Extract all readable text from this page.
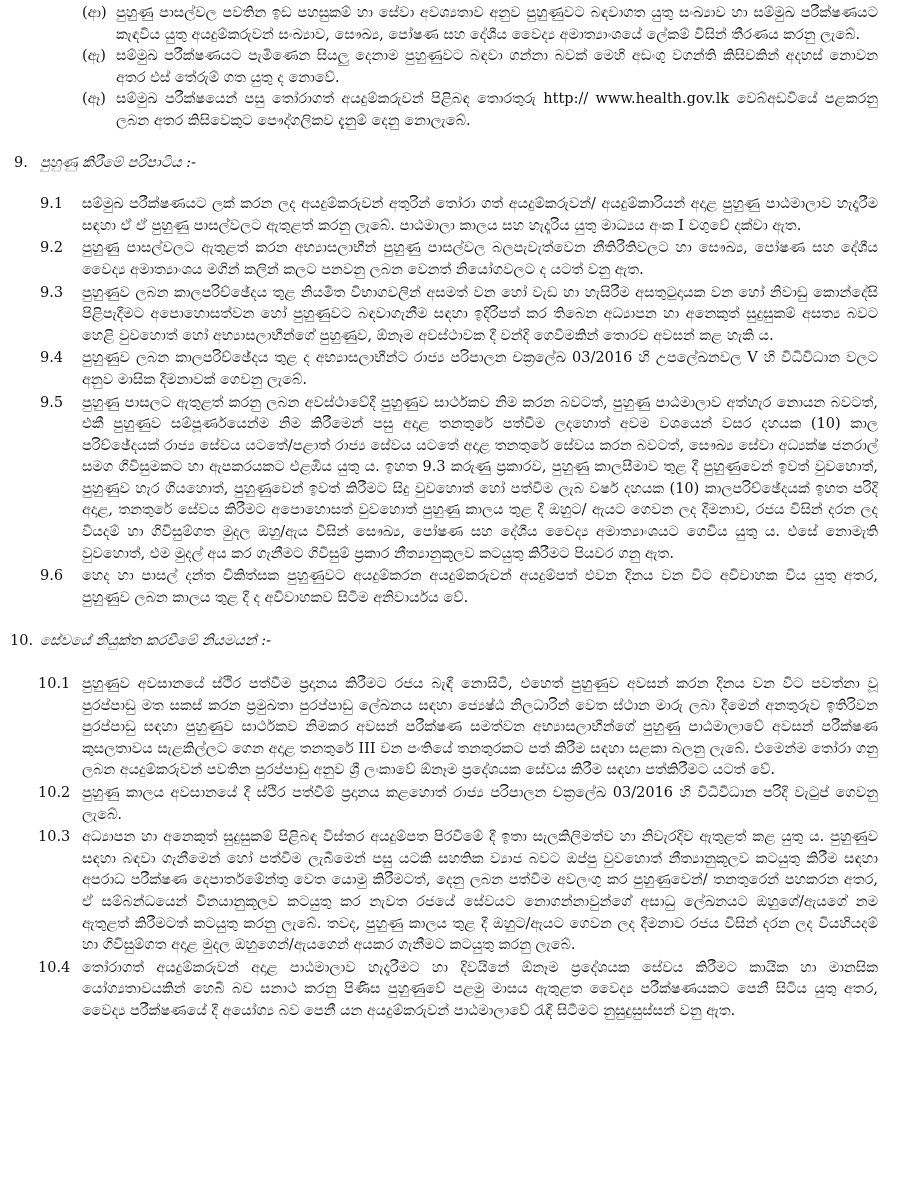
(ආ) පුහුණු පාසල්වල පවතින ඉඩ පහසුකම් හා සේවා අවශ්‍යතාව අනුව පුහුණුවට බඳවාගත යුතු සංඛ්‍යාව හා සම්මුඛ පරීක්ෂණයට කැඳවිය යුතු අයදුම්කරුවන් සංඛ්‍යාව, සෞඛ්‍ය, පෝෂණ සහ දේශීය වෛද්‍ය අමාත්‍යාංශයේ ලේකම් විසින් තීරණය කරනු ලැබේ.
(ඇ) සම්මුඛ පරීක්ෂණයට පැමිණෙන සියලු දෙනාම පුහුණුවට බඳවා ගන්නා බවක් මෙහි අඩංගු වගන්ති කිසිවකින් අදහස් නොවන අතර එස් තේරුම් ගත යුතු ද නොවේ.
(ඈ) සම්මුඛ පරීක්ෂයෙන් පසු තෝරාගත් අයදුම්කරුවන් පිළිබඳ තොරතුරු http:// www.health.gov.lk වෙබ්අඩවියේ පළකරනු ලබන අතර කිසිවෙකුට පෞද්ගලිකව දැනුම් දෙනු නොලැබේ.
9. පුහුණු කිරීමේ පරිපාටිය :-
9.1	සම්මුඛ පරීක්ෂණයට ලක් කරන ලද අයදුම්කරුවන් අතුරින් තෝරා ගත් අයදුම්කරුවන්/ අයදුම්කාරියන් අදාළ පුහුණු පාඨමාලාව හැදෑරීම සඳහා ඒ ඒ පුහුණු පාසල්වලට ඇතුළත් කරනු ලැබේ. පාඨමාලා කාලය සහ හැදෑරිය යුතු මාධ්‍යය අංක I වගුවේ දක්වා ඇත.
9.2	පුහුණු පාසල්වලට ඇතුළත් කරන අභ්‍යාසලාභීන් පුහුණු පාසල්වල බලපැවැත්වෙන නීතිරීතිවලට හා සෞඛ්‍ය, පෝෂණ සහ දේශීය වෛද්‍ය අමාත්‍යාංශය මගින් කලින් කලට පනවනු ලබන වෙනත් නියෝගවලට ද යටත් වනු ඇත.
9.3	පුහුණුව ලබන කාලපරිච්ඡේදය තුළ නියමිත විභාගවලින් අසමත් වන හෝ වැඩ හා හැසිරීම අසතුටුදායක වන හෝ නිවාඩු කොන්දේසි පිළිපැදීමට අපොහොසත්වන හෝ පුහුණුවට බඳවාගැනීම සඳහා ඉදිරිපත් කර තිබෙන අධ්‍යාපන හා අනෙකුත් සුදුසුකම් අසත්‍ය බවට හෙළි වුවහොත් හෝ අභ්‍යාසලාභීන්ගේ පුහුණුව, ඕනෑම අවස්ථාවක දී වන්දි ගෙවීමකින් තොරව අවසන් කළ හැකි ය.
9.4	පුහුණුව ලබන කාලපරිච්ඡේදය තුළ ද අභ්‍යාසලාභීන්ට රාජ්‍ය පරිපාලන චක්‍රලේඛ 03/2016 හි උපලේඛනවල V හි විධිවිධාන වලට අනුව මාසික දීමනාවක් ගෙවනු ලැබේ.
9.5	පුහුණු පාසලට ඇතුළත් කරනු ලබන අවස්ථාවේදී පුහුණුව සාර්ථකව නිම කරන බවටත්, පුහුණු පාඨමාලාව අත්හැර නොයන බවටත්, එකී පුහුණුව සම්පූර්ණයෙන්ම නිම කිරීමෙන් පසු අදාළ තනතුරේ පත්වීම ලදහොත් අවම වශයෙන් වසර දහයක (10) කාල පරිච්ඡේදයක් රාජ්‍ය සේවය යටතේ/පළාත් රාජ්‍ය සේවය යටතේ අදාළ තනතුරේ සේවය කරන බවටත්, සෞඛ්‍ය සේවා අධ්‍යක්ෂ ජනරාල් සමග ගිවිසුමකට හා ඇපකරයකට එළඹිය යුතු ය. ඉහත 9.3 කරුණු ප්‍රකාරව, පුහුණු කාලසීමාව තුළ දී පුහුණුවෙන් ඉවත් වුවහොත්, පුහුණුව හැර ගියහොත්, පුහුණුවෙන් ඉවත් කිරීමට සිදු වුවහොත් හෝ පත්වීම ලැබ වර්ෂ දහයක (10) කාලපරිච්ඡේදයක් ඉහත පරිදි අදාළ, තනතුරේ සේවය කිරීමට අපොහොසත් වුවහොත් පුහුණු කාලය තුළ දී ඔහුට/ ඇයට ගෙවන ලද දීමනාව, රජය විසින් දරන ලද වියදම් හා ගිවිසුම්ගත මුදල ඔහු/ඇය විසින් සෞඛ්‍ය, පෝෂණ සහ දේශීය වෛද්‍ය අමාත්‍යාංශයට ගෙවිය යුතු ය. එසේ නොමැති වුවහොත්, එම මුදල් අය කර ගැනීමට ගිවිසුම් ප්‍රකාර නීත්‍යානුකූලව කටයුතු කිරීමට පියවර ගනු ඇත.
9.6	හෙද හා පාසල් දන්ත චිකිත්සක පුහුණුවට අයදුම්කරන අයදුම්කරුවන් අයදුම්පත් එවන දිනය වන විට අවිවාහක විය යුතු අතර, පුහුණුව ලබන කාලය තුළ දී ද අවිවාහකව සිටීම අනිවාර්යය වේ.
10. සේවයේ නියුක්ත කරවීමේ නියමයන් :-
10.1 පුහුණුව අවසානයේ ස්ථිර පත්වීම ප්‍රදානය කිරීමට රජය බැඳී නොසිටී, එහෙත් පුහුණුව අවසන් කරන දිනය වන විට පවත්නා වූ පුරප්පාඩු මත සකස් කරන ප්‍රමුඛතා පුරප්පාඩු ලේඛනය සඳහා ජ්‍යෙෂ්ඨ නිලධාරින් වෙත ස්ථාන මාරු ලබා දීමෙන් අනතුරුව ඉතිරිවන පුරප්පාඩු සඳහා පුහුණුව සාර්ථකව නිමකර අවසන් පරීක්ෂණ සමත්වන අභ්‍යාසලාභීන්ගේ පුහුණු පාඨමාලාවේ අවසන් පරීක්ෂණ කුසලතාවය සැළකිල්ලට ගෙන අදාළ තනතුරේ III වන පංතියේ තනතුරකට පත් කිරීම සඳහා සළකා බලනු ලැබේ. එමෙන්ම තෝරා ගනු ලබන අයදුම්කරුවන් පවතින පුරප්පාඩු අනුව ශ්‍රී ලංකාවේ ඕනෑම ප්‍රදේශයක සේවය කිරීම සඳහා පත්කිරීමට යටත් වේ.
10.2 පුහුණු කාලය අවසානයේ දී ස්ථිර පත්වීම් ප්‍රදානය කළහොත් රාජ්‍ය පරිපාලන චක්‍රලේඛ 03/2016 හි විධිවිධාන පරිදි වැටුප් ගෙවනු ලැබේ.
10.3 අධ්‍යාපන හා අනෙකුත් සුදුසුකම් පිළිබඳ විස්තර අයදුම්පත පිරවීමේ දී ඉතා සැලකිලිමත්ව හා නිවැරදිව ඇතුළත් කළ යුතු ය. පුහුණුව සඳහා බඳවා ගැනීමෙන් හෝ පත්වීම ලැබීමෙන් පසු යටකි සහතික ව්‍යාජ බවට ඔප්පු වුවහොත් නීත්‍යානුකූලව කටයුතු කිරීම සඳහා අපරාධ පරීක්ෂණ දෙපාර්තමේන්තු වෙත යොමු කිරීමටත්, දෙනු ලබන පත්වීම අවලංගු කර පුහුණුවෙන්/ තනතුරෙන් පහකරන අතර, ඒ සම්බන්ධයෙන් විනයානුකූලව කටයුතු කර නැවත රජයේ සේවයට නොගන්නාවුන්ගේ අසාධු ලේඛනයට ඔහුගේ/ඇයගේ නම ඇතුළත් කිරීමටත් කටයුතු කරනු ලැබේ. තවද, පුහුණු කාලය තුළ දී ඔහුට/ඇයට ගෙවන ලද දීමනාව රජය විසින් දරන ලද වියහියදම් හා ගිවිසුම්ගත අදාළ මුදල ඔහුගෙන්/ඇයගෙන් අයකර ගැනීමට කටයුතු කරනු ලැබේ.
10.4 තෝරාගත් අයදුම්කරුවන් අදාළ පාඨමාලාව හැදෑරීමට හා දිවයිනේ ඕනෑම ප්‍රදේශයක සේවය කිරීමට කායික හා මානසික යෝග්‍යතාවයකින් හෙබි බව සනාථ කරනු පිණිස පුහුණුවේ පළමු මාසය ඇතුළත වෛද්‍ය පරීක්ෂණයකට පෙනී සිටිය යුතු අතර, වෛද්‍ය පරීක්ෂණයේ දී අයෝග්‍ය බව පෙනී යන අයදුම්කරුවන් පාඨමාලාවේ රැඳී සිටීමට නුසුදුසුස්සන් වනු ඇත.
